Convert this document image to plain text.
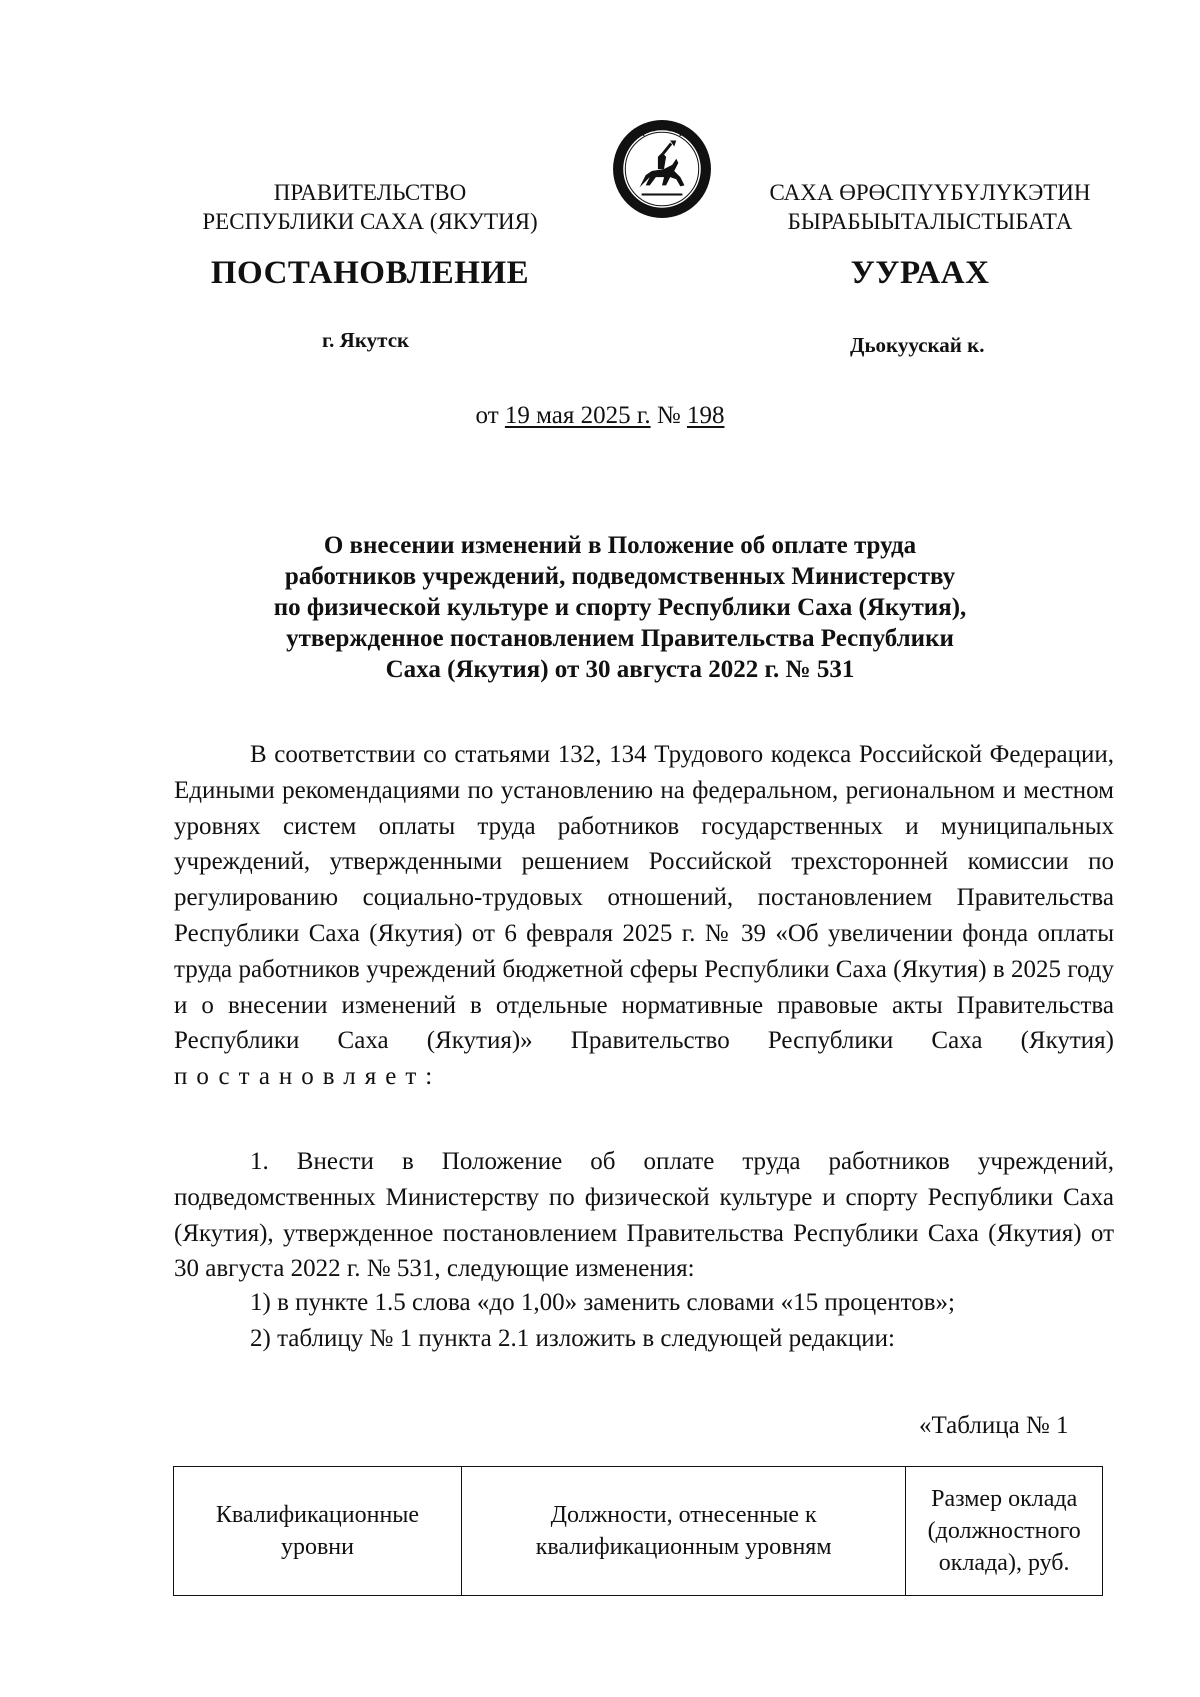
ПРАВИТЕЛЬСТВО
РЕСПУБЛИКИ САХА (ЯКУТИЯ)
САХА ӨРӨСПҮҮБҮЛҮКЭТИН
БЫРАБЫЫТАЛЫСТЫБАТА
ПОСТАНОВЛЕНИЕ	УУРААХ
г. Якутск	Дьокуускай к.
от 19 мая 2025 г. № 198
О внесении изменений в Положение об оплате труда
работников учреждений, подведомственных Министерству
по физической культуре и спорту Республики Саха (Якутия),
утвержденное постановлением Правительства Республики
Саха (Якутия) от 30 августа 2022 г. № 531
В соответствии со статьями 132, 134 Трудового кодекса Российской Федерации, Едиными рекомендациями по установлению на федеральном, региональном и местном уровнях систем оплаты труда работников государственных и муниципальных учреждений, утвержденными решением Российской трехсторонней комиссии по регулированию социально-трудовых отношений, постановлением Правительства Республики Саха (Якутия) от 6 февраля 2025 г. № 39 «Об увеличении фонда оплаты труда работников учреждений бюджетной сферы Республики Саха (Якутия) в 2025 году и о внесении изменений в отдельные нормативные правовые акты Правительства Республики Саха (Якутия)» Правительство Республики Саха (Якутия) постановляет:
1. Внести в Положение об оплате труда работников учреждений, подведомственных Министерству по физической культуре и спорту Республики Саха (Якутия), утвержденное постановлением Правительства Республики Саха (Якутия) от 30 августа 2022 г. № 531, следующие изменения:
1) в пункте 1.5 слова «до 1,00» заменить словами «15 процентов»;
2) таблицу № 1 пункта 2.1 изложить в следующей редакции:
«Таблица № 1
Квалификационные уровни	Должности, отнесенные к квалификационным уровням	Размер оклада (должностного оклада), руб.
